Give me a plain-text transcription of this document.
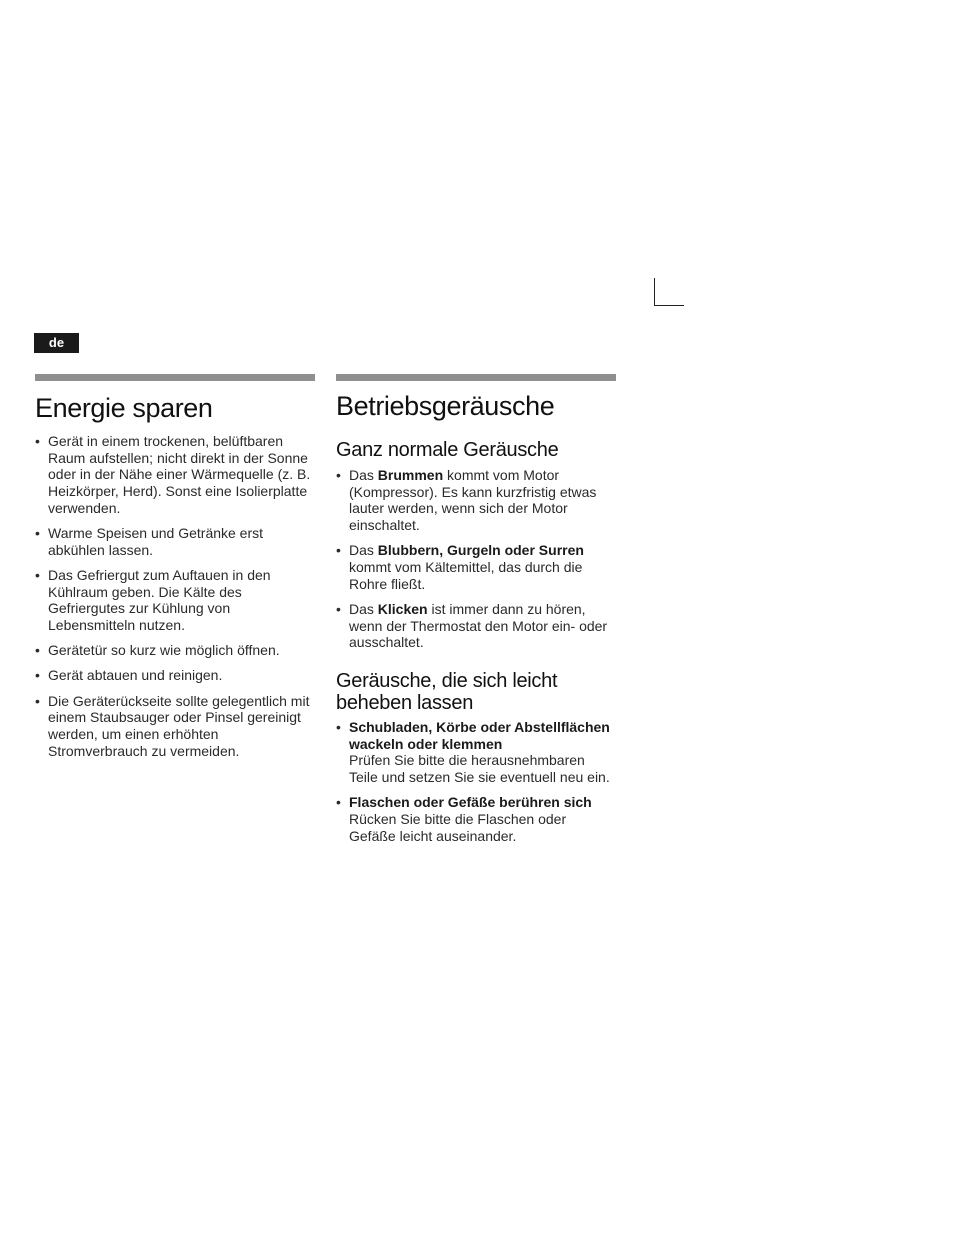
de
Energie sparen
• Gerät in einem trockenen, belüftbaren Raum aufstellen; nicht direkt in der Sonne oder in der Nähe einer Wärmequelle (z. B. Heizkörper, Herd). Sonst eine Isolierplatte verwenden.
• Warme Speisen und Getränke erst abkühlen lassen.
• Das Gefriergut zum Auftauen in den Kühlraum geben. Die Kälte des Gefriergutes zur Kühlung von Lebensmitteln nutzen.
• Gerätetür so kurz wie möglich öffnen.
• Gerät abtauen und reinigen.
• Die Geräterückseite sollte gelegentlich mit einem Staubsauger oder Pinsel gereinigt werden, um einen erhöhten Stromverbrauch zu vermeiden.
Betriebsgeräusche
Ganz normale Geräusche
• Das Brummen kommt vom Motor (Kompressor). Es kann kurzfristig etwas lauter werden, wenn sich der Motor einschaltet.
• Das Blubbern, Gurgeln oder Surren kommt vom Kältemittel, das durch die Rohre fließt.
• Das Klicken ist immer dann zu hören, wenn der Thermostat den Motor ein- oder ausschaltet.
Geräusche, die sich leicht beheben lassen
• Schubladen, Körbe oder Abstellflächen wackeln oder klemmen
Prüfen Sie bitte die herausnehmbaren Teile und setzen Sie sie eventuell neu ein.
• Flaschen oder Gefäße berühren sich
Rücken Sie bitte die Flaschen oder Gefäße leicht auseinander.
